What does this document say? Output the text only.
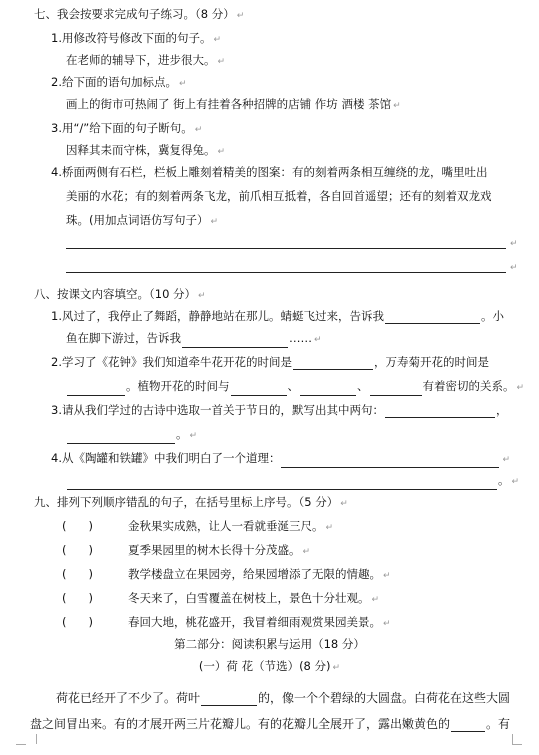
七、我会按要求完成句子练习。（8 分） ↵
1.用修改符号修改下面的句子。 ↵
在老师的辅导下，进步很大。 ↵
2.给下面的语句加标点。 ↵
画上的街市可热闹了 街上有挂着各种招牌的店铺 作坊 酒楼 茶馆 ↵
3.用“/”给下面的句子断句。 ↵
因释其耒而守株，冀复得兔。 ↵
4.桥面两侧有石栏，栏板上雕刻着精美的图案：有的刻着两条相互缠绕的龙，嘴里吐出
美丽的水花；有的刻着两条飞龙，前爪相互抵着，各自回首遥望；还有的刻着双龙戏
珠。(用加点词语仿写句子） ↵
↵
↵
八、按课文内容填空。（10 分） ↵
1.风过了，我停止了舞蹈，静静地站在那儿。蜻蜓飞过来，告诉我	。小
鱼在脚下游过，告诉我	…… ↵
2.学习了《花钟》我们知道牵牛花开花的时间是	，万寿菊开花的时间是
。植物开花的时间与	、	、	有着密切的关系。 ↵
3.请从我们学过的古诗中选取一首关于节日的，默写出其中两句：	，
。 ↵
4.从《陶罐和铁罐》中我们明白了一个道理：	↵
。 ↵
九、排列下列顺序错乱的句子，在括号里标上序号。（5 分） ↵
( )	金秋果实成熟，让人一看就垂涎三尺。 ↵
( )	夏季果园里的树木长得十分茂盛。 ↵
( )	教学楼盘立在果园旁，给果园增添了无限的情趣。 ↵
( )	冬天来了，白雪覆盖在树枝上，景色十分壮观。 ↵
( )	春回大地，桃花盛开，我冒着细雨观赏果园美景。 ↵
第二部分：阅读积累与运用（18 分）
(一）荷 花（节选）(8 分) ↵
荷花已经开了不少了。荷叶	的，像一个个碧绿的大圆盘。白荷花在这些大圆
盘之间冒出来。有的才展开两三片花瓣儿。有的花瓣儿全展开了，露出嫩黄色的	。有
